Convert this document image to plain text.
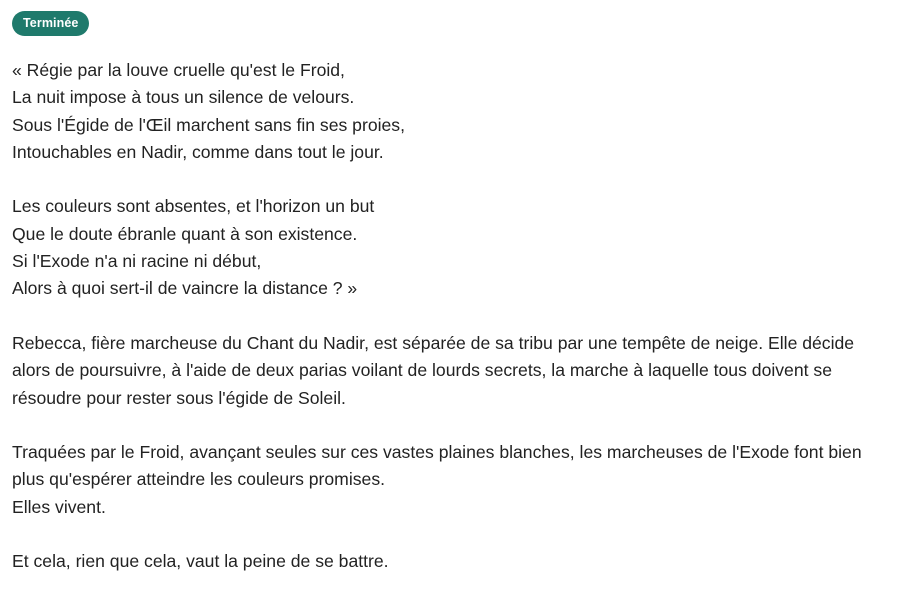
Terminée
« Régie par la louve cruelle qu'est le Froid,
La nuit impose à tous un silence de velours.
Sous l'Égide de l'Œil marchent sans fin ses proies,
Intouchables en Nadir, comme dans tout le jour.
Les couleurs sont absentes, et l'horizon un but
Que le doute ébranle quant à son existence.
Si l'Exode n'a ni racine ni début,
Alors à quoi sert-il de vaincre la distance ? »
Rebecca, fière marcheuse du Chant du Nadir, est séparée de sa tribu par une tempête de neige. Elle décide alors de poursuivre, à l'aide de deux parias voilant de lourds secrets, la marche à laquelle tous doivent se résoudre pour rester sous l'égide de Soleil.
Traquées par le Froid, avançant seules sur ces vastes plaines blanches, les marcheuses de l'Exode font bien plus qu'espérer atteindre les couleurs promises.
Elles vivent.
Et cela, rien que cela, vaut la peine de se battre.
